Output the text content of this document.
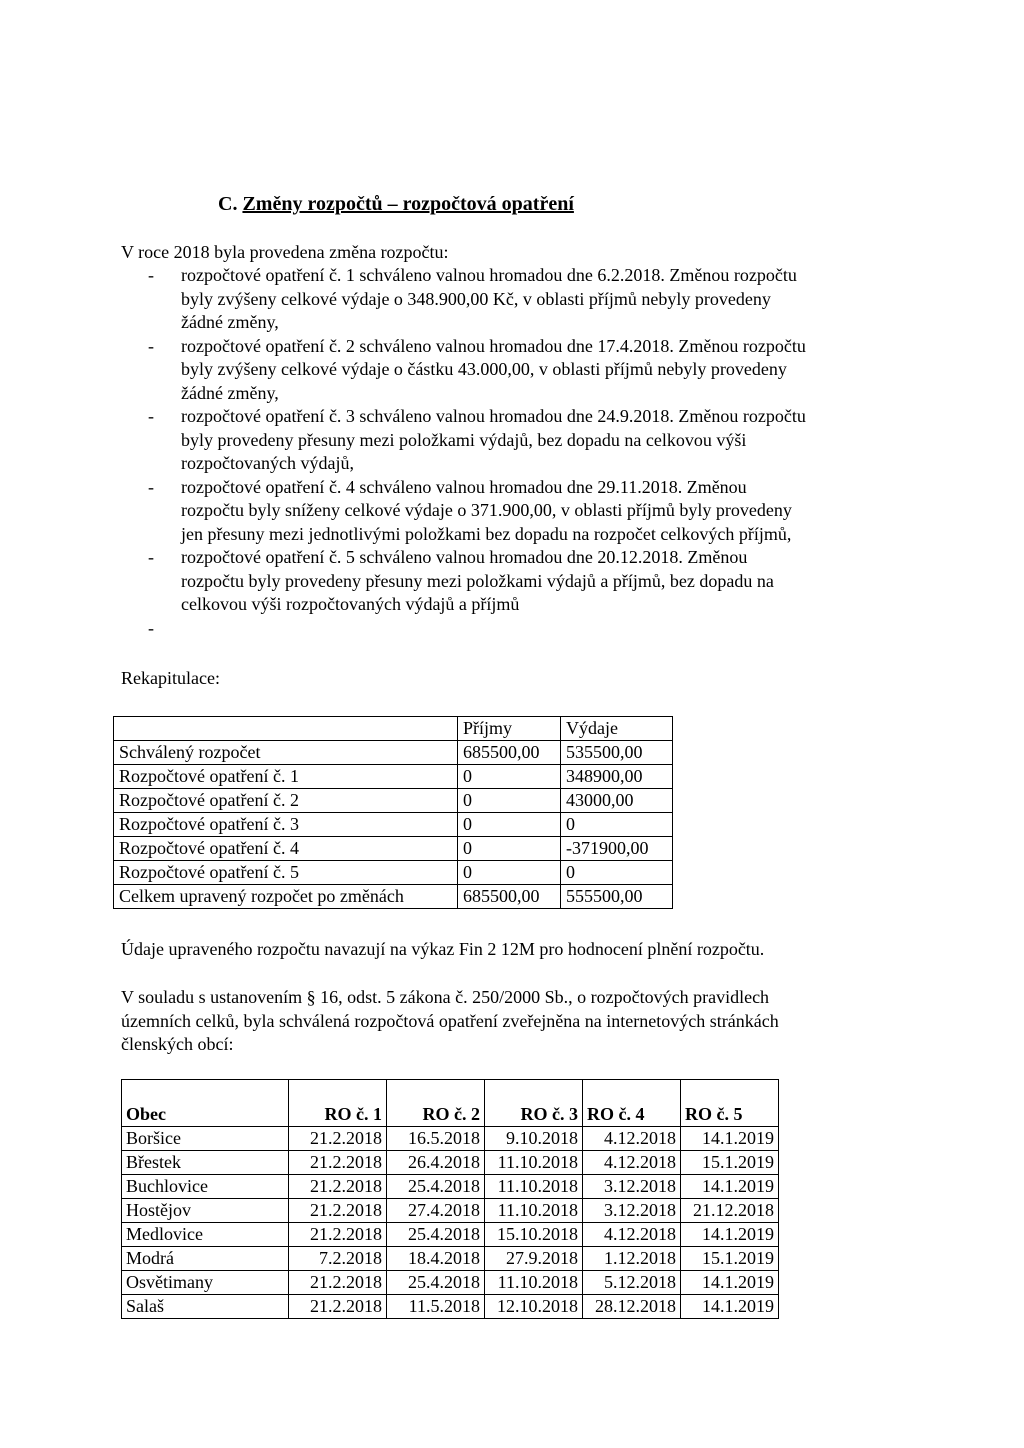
C. Změny rozpočtů – rozpočtová opatření
V roce 2018 byla provedena změna rozpočtu:
- rozpočtové opatření č. 1 schváleno valnou hromadou dne 6.2.2018. Změnou rozpočtu
byly zvýšeny celkové výdaje o 348.900,00 Kč, v oblasti příjmů nebyly provedeny
žádné změny,
- rozpočtové opatření č. 2 schváleno valnou hromadou dne 17.4.2018. Změnou rozpočtu
byly zvýšeny celkové výdaje o částku 43.000,00, v oblasti příjmů nebyly provedeny
žádné změny,
- rozpočtové opatření č. 3 schváleno valnou hromadou dne 24.9.2018. Změnou rozpočtu
byly provedeny přesuny mezi položkami výdajů, bez dopadu na celkovou výši
rozpočtovaných výdajů,
- rozpočtové opatření č. 4 schváleno valnou hromadou dne 29.11.2018. Změnou
rozpočtu byly sníženy celkové výdaje o 371.900,00, v oblasti příjmů byly provedeny
jen přesuny mezi jednotlivými položkami bez dopadu na rozpočet celkových příjmů,
- rozpočtové opatření č. 5 schváleno valnou hromadou dne 20.12.2018. Změnou
rozpočtu byly provedeny přesuny mezi položkami výdajů a příjmů, bez dopadu na
celkovou výši rozpočtovaných výdajů a příjmů
-
Rekapitulace:
	Příjmy	Výdaje
Schválený rozpočet	685500,00	535500,00
Rozpočtové opatření č. 1	0	348900,00
Rozpočtové opatření č. 2	0	43000,00
Rozpočtové opatření č. 3	0	0
Rozpočtové opatření č. 4	0	-371900,00
Rozpočtové opatření č. 5	0	0
Celkem upravený rozpočet po změnách	685500,00	555500,00
Údaje upraveného rozpočtu navazují na výkaz Fin 2 12M pro hodnocení plnění rozpočtu.
V souladu s ustanovením § 16, odst. 5 zákona č. 250/2000 Sb., o rozpočtových pravidlech
územních celků, byla schválená rozpočtová opatření zveřejněna na internetových stránkách
členských obcí:
Obec	RO č. 1	RO č. 2	RO č. 3	RO č. 4	RO č. 5
Boršice	21.2.2018	16.5.2018	9.10.2018	4.12.2018	14.1.2019
Břestek	21.2.2018	26.4.2018	11.10.2018	4.12.2018	15.1.2019
Buchlovice	21.2.2018	25.4.2018	11.10.2018	3.12.2018	14.1.2019
Hostějov	21.2.2018	27.4.2018	11.10.2018	3.12.2018	21.12.2018
Medlovice	21.2.2018	25.4.2018	15.10.2018	4.12.2018	14.1.2019
Modrá	7.2.2018	18.4.2018	27.9.2018	1.12.2018	15.1.2019
Osvětimany	21.2.2018	25.4.2018	11.10.2018	5.12.2018	14.1.2019
Salaš	21.2.2018	11.5.2018	12.10.2018	28.12.2018	14.1.2019
